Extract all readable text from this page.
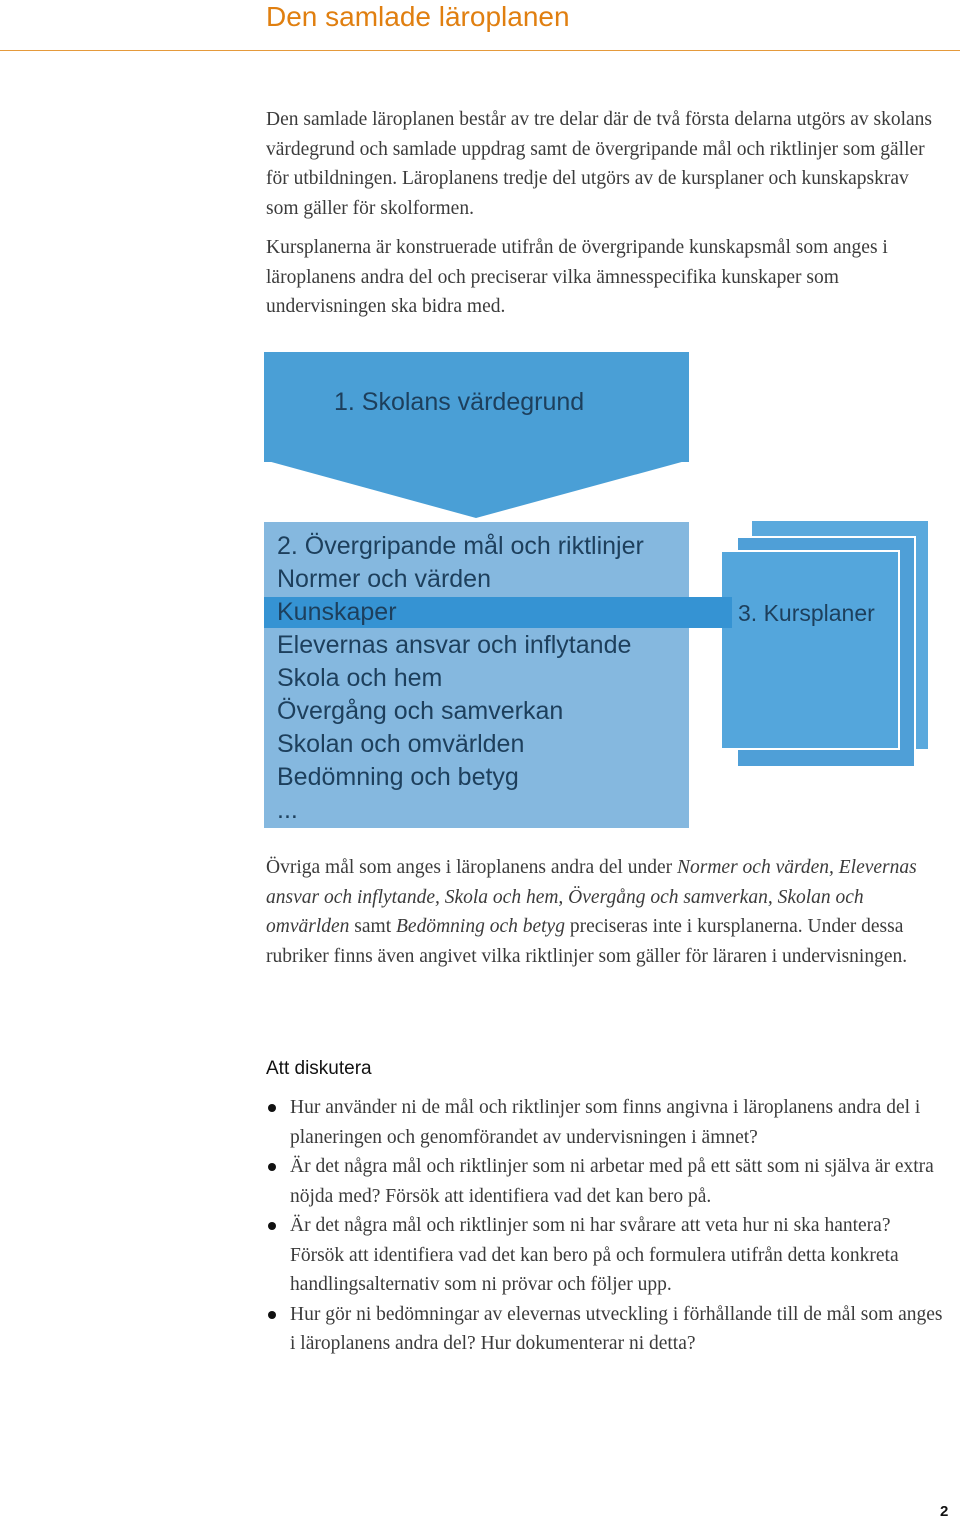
Den samlade läroplanen

Den samlade läroplanen består av tre delar där de två första delarna utgörs av skolans värdegrund och samlade uppdrag samt de övergripande mål och riktlinjer som gäller för utbildningen. Läroplanens tredje del utgörs av de kursplaner och kunskapskrav som gäller för skolformen.

Kursplanerna är konstruerade utifrån de övergripande kunskapsmål som anges i läroplanens andra del och preciserar vilka ämnesspecifika kunskaper som undervisningen ska bidra med.

1. Skolans värdegrund
3. Kursplaner
2. Övergripande mål och riktlinjer
Normer och värden
Kunskaper
Elevernas ansvar och inflytande
Skola och hem
Övergång och samverkan
Skolan och omvärlden
Bedömning och betyg
...

Övriga mål som anges i läroplanens andra del under Normer och värden, Elevernas ansvar och inflytande, Skola och hem, Övergång och samverkan, Skolan och omvärlden samt Bedömning och betyg preciseras inte i kursplanerna. Under dessa rubriker finns även angivet vilka riktlinjer som gäller för läraren i undervisningen.

Att diskutera
Hur använder ni de mål och riktlinjer som finns angivna i läroplanens andra del i planeringen och genomförandet av undervisningen i ämnet?
Är det några mål och riktlinjer som ni arbetar med på ett sätt som ni själva är extra nöjda med? Försök att identifiera vad det kan bero på.
Är det några mål och riktlinjer som ni har svårare att veta hur ni ska hantera? Försök att identifiera vad det kan bero på och formulera utifrån detta konkreta handlingsalternativ som ni prövar och följer upp.
Hur gör ni bedömningar av elevernas utveckling i förhållande till de mål som anges i läroplanens andra del? Hur dokumenterar ni detta?
2
